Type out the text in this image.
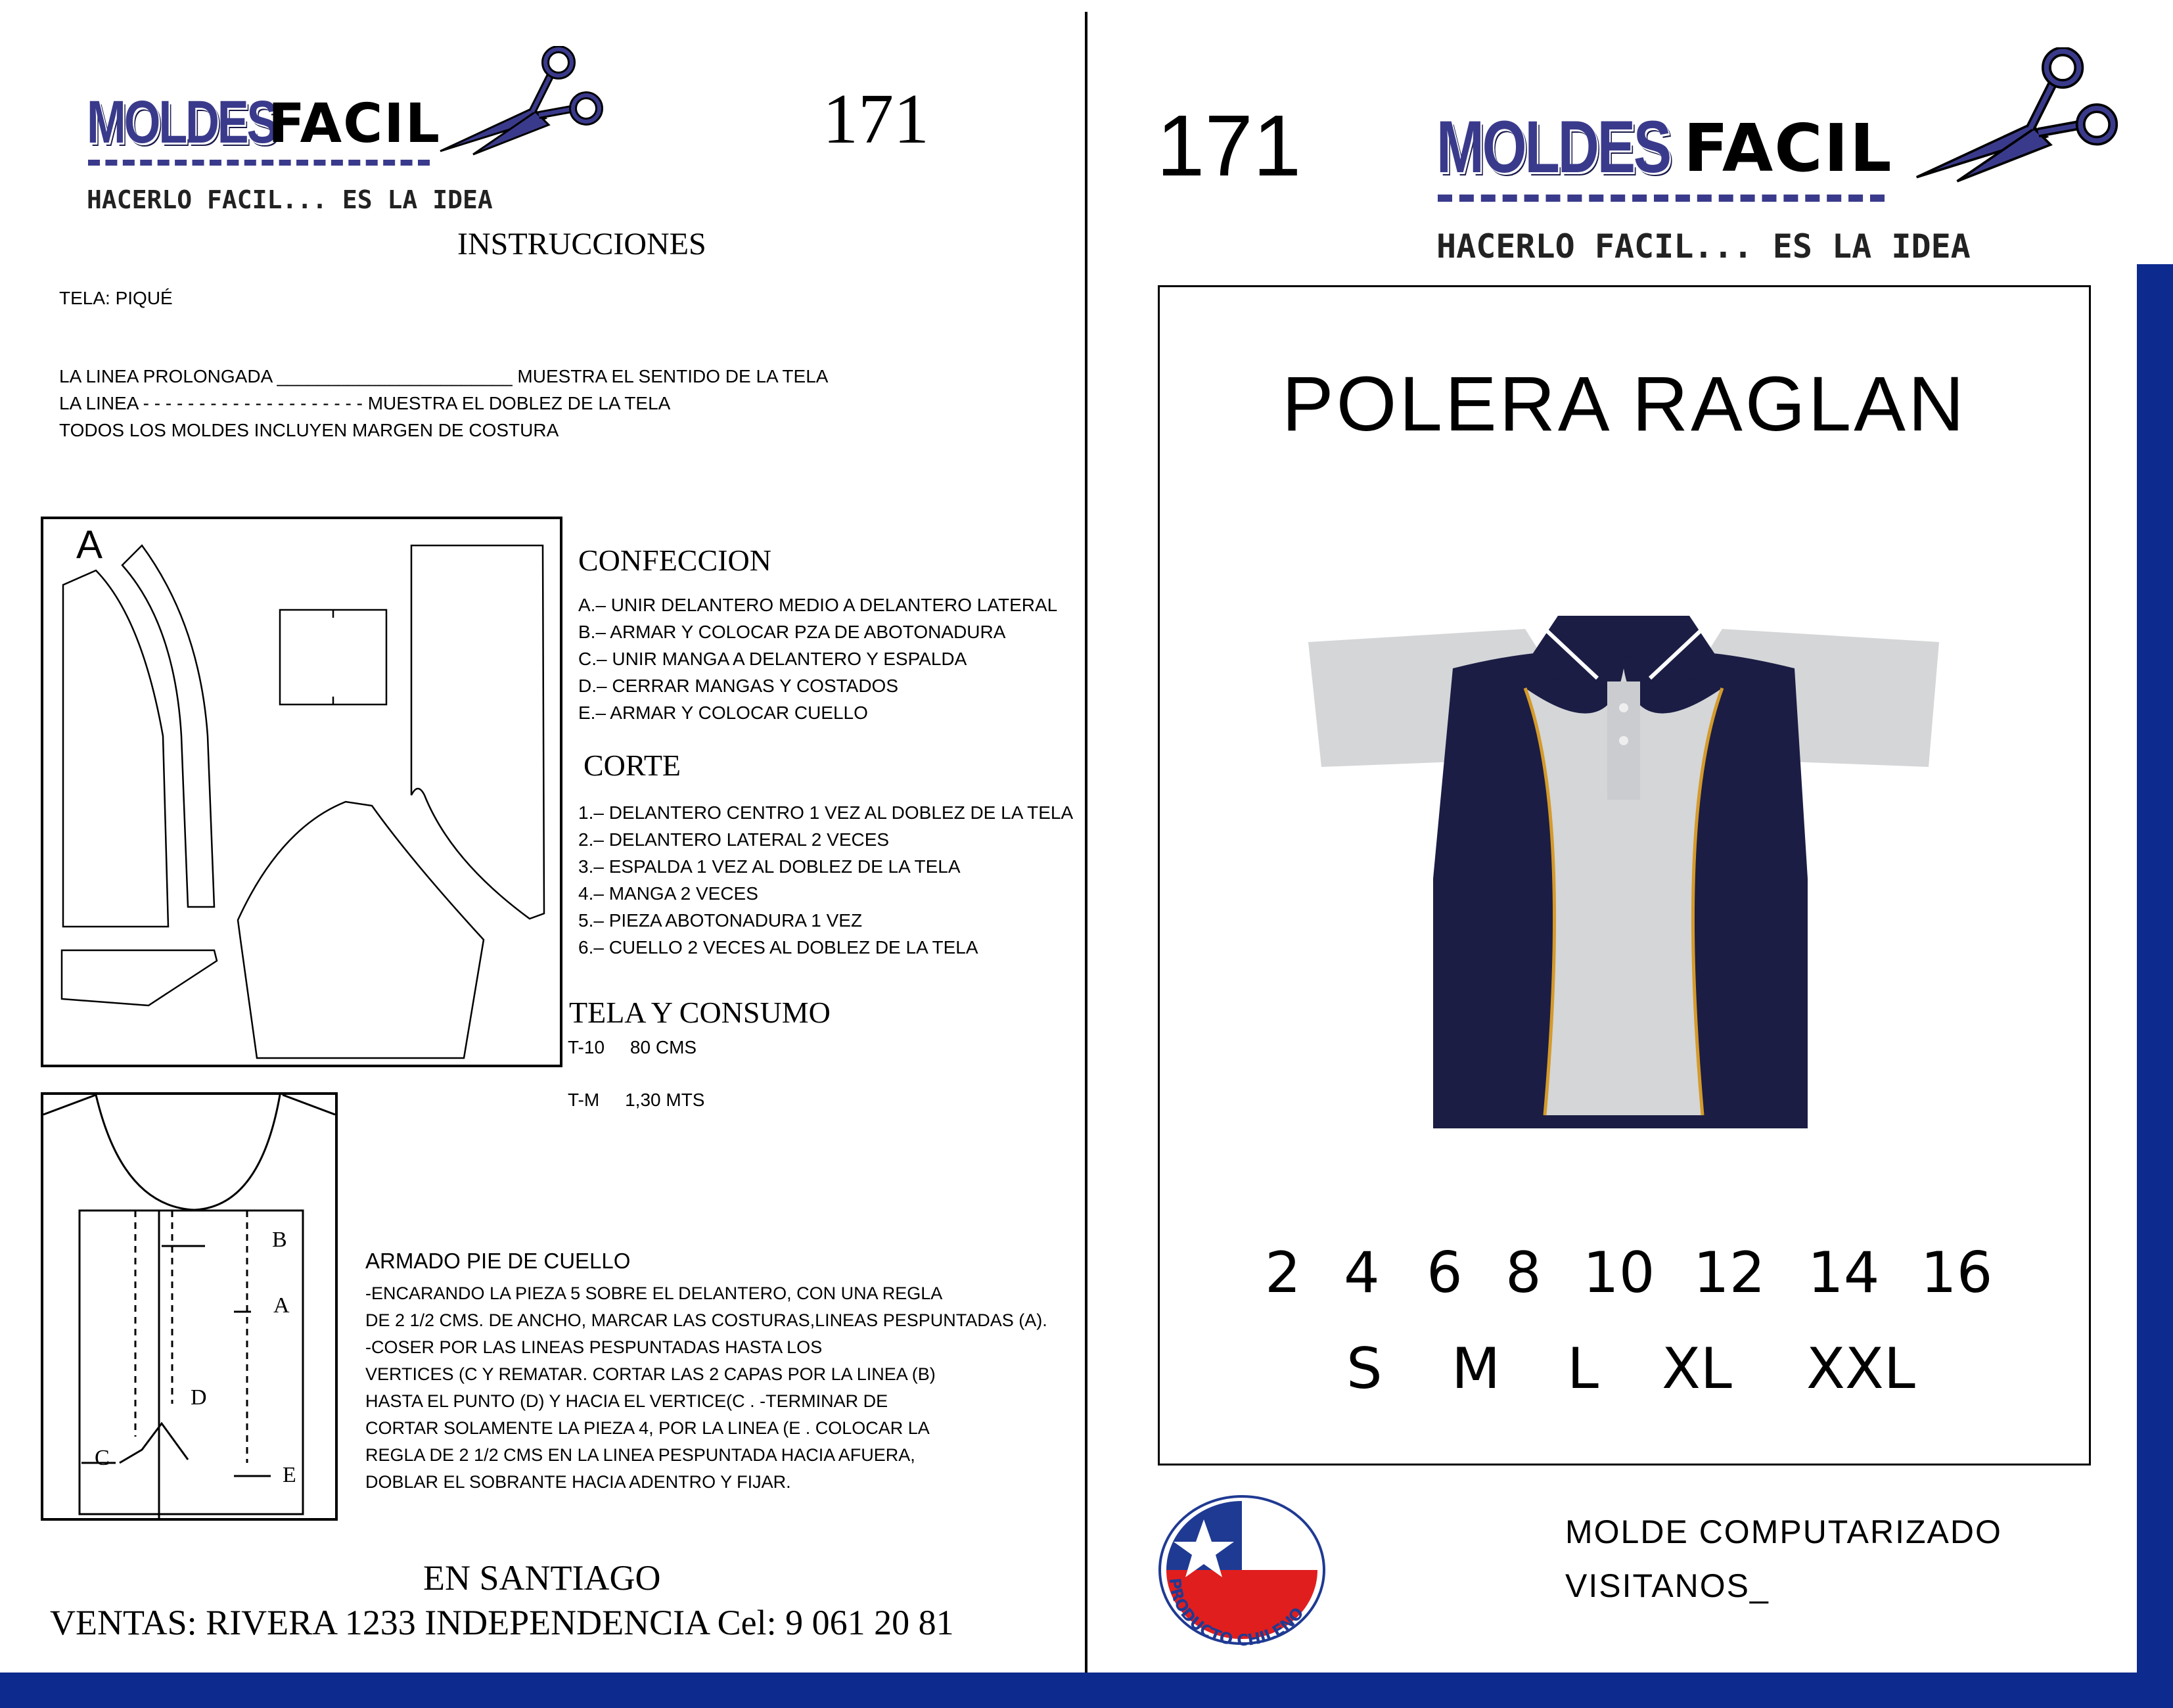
MOLDES
FACIL
HACERLO FACIL... ES LA IDEA
171
INSTRUCCIONES
TELA: PIQUÉ
LA LINEA PROLONGADA _______________________ MUESTRA EL SENTIDO DE LA TELA
LA LINEA - - - - - - - - - - - - - - - - - - - - MUESTRA EL DOBLEZ DE LA TELA
TODOS LOS MOLDES INCLUYEN MARGEN DE COSTURA
A
B
A
D
C
E
CONFECCION
A.– UNIR DELANTERO MEDIO A DELANTERO LATERAL
B.– ARMAR Y COLOCAR PZA DE ABOTONADURA
C.– UNIR MANGA A DELANTERO Y ESPALDA
D.– CERRAR MANGAS Y COSTADOS
E.– ARMAR Y COLOCAR CUELLO
CORTE
1.– DELANTERO CENTRO 1 VEZ AL DOBLEZ DE LA TELA
2.– DELANTERO LATERAL 2 VECES
3.– ESPALDA 1 VEZ AL DOBLEZ DE LA TELA
4.– MANGA 2 VECES
5.– PIEZA ABOTONADURA 1 VEZ
6.– CUELLO 2 VECES AL DOBLEZ DE LA TELA
TELA Y CONSUMO
T-10     80 CMS
T-M     1,30 MTS
ARMADO PIE DE CUELLO
-ENCARANDO LA PIEZA 5 SOBRE EL DELANTERO, CON UNA REGLA
DE 2 1/2 CMS. DE ANCHO, MARCAR LAS COSTURAS,LINEAS PESPUNTADAS (A).
-COSER POR LAS LINEAS PESPUNTADAS HASTA LOS
VERTICES (C Y REMATAR. CORTAR LAS 2 CAPAS POR LA LINEA (B)
HASTA EL PUNTO (D) Y HACIA EL VERTICE(C . -TERMINAR DE
CORTAR SOLAMENTE LA PIEZA 4, POR LA LINEA (E . COLOCAR LA
REGLA DE 2 1/2 CMS EN LA LINEA PESPUNTADA HACIA AFUERA,
DOBLAR EL SOBRANTE HACIA ADENTRO Y FIJAR.
EN SANTIAGO
VENTAS: RIVERA 1233 INDEPENDENCIA Cel: 9 061 20 81
171 MOLDES FACIL
HACERLO FACIL... ES LA IDEA
POLERA RAGLAN
2 4 6 8 10 12 14 16
S M L XL XXL
PRODUCTO CHILENO
MOLDE COMPUTARIZADO
VISITANOS_
